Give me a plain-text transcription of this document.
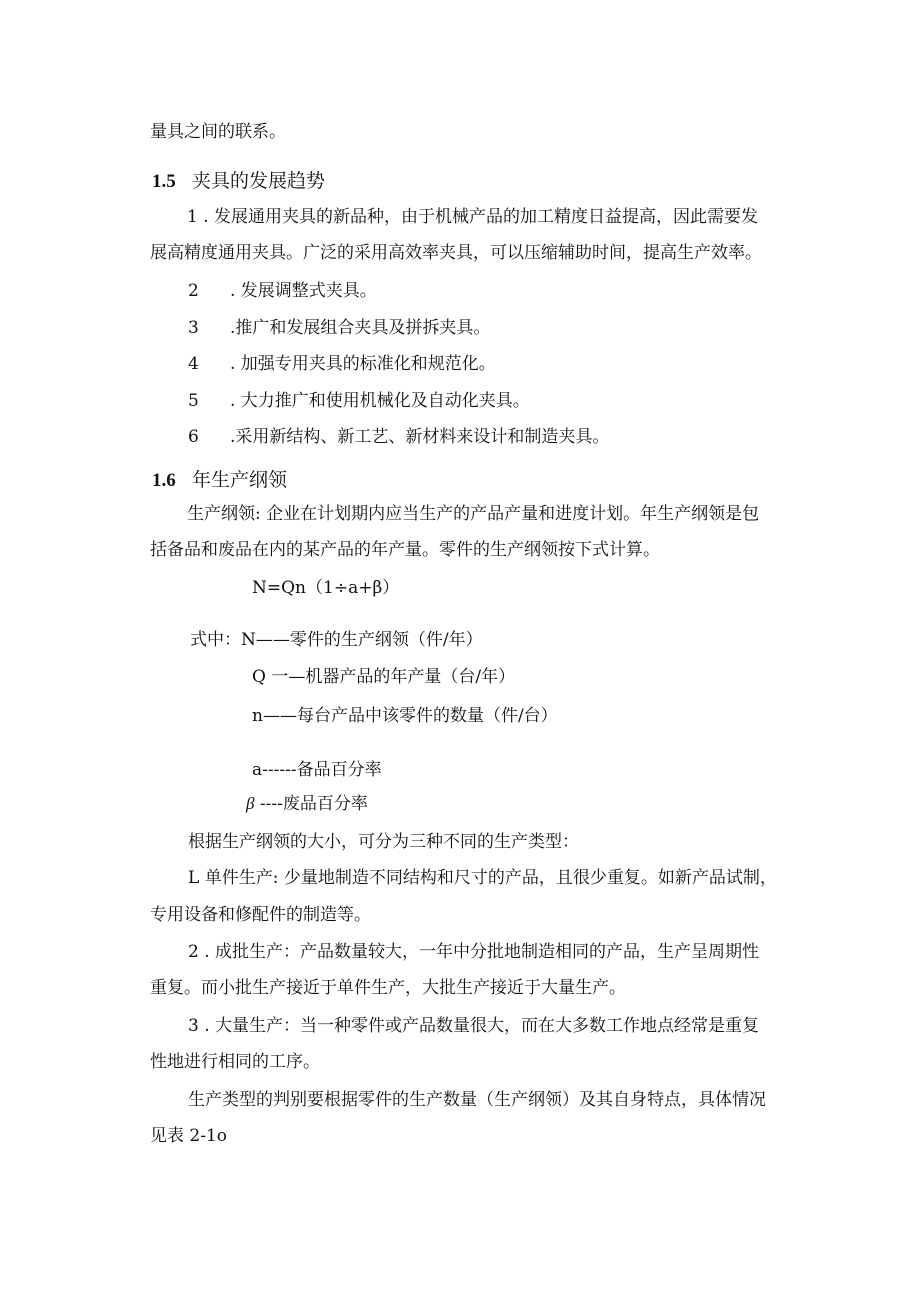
量具之间的联系。

1.5 夹具的发展趋势

1 . 发展通用夹具的新品种，由于机械产品的加工精度日益提高，因此需要发

展高精度通用夹具。广泛的采用高效率夹具，可以压缩辅助时间，提高生产效率。

2 . 发展调整式夹具。
3 .推广和发展组合夹具及拼拆夹具。
4 . 加强专用夹具的标准化和规范化。
5 . 大力推广和使用机械化及自动化夹具。
6 .采用新结构、新工艺、新材料来设计和制造夹具。
1.6 年生产纲领

生产纲领: 企业在计划期内应当生产的产品产量和进度计划。年生产纲领是包

括备品和废品在内的某产品的年产量。零件的生产纲领按下式计算。

N=Qn（1÷a+β）

式中：N——零件的生产纲领（件/年）

Q 一—机器产品的年产量（台/年）

n——每台产品中该零件的数量（件/台）

a------备品百分率

β ----废品百分率

根据生产纲领的大小，可分为三种不同的生产类型：

L 单件生产: 少量地制造不同结构和尺寸的产品，且很少重复。如新产品试制，

专用设备和修配件的制造等。

2 . 成批生产：产品数量较大，一年中分批地制造相同的产品，生产呈周期性

重复。而小批生产接近于单件生产，大批生产接近于大量生产。

3 . 大量生产：当一种零件或产品数量很大，而在大多数工作地点经常是重复

性地进行相同的工序。

生产类型的判别要根据零件的生产数量（生产纲领）及其自身特点，具体情况

见表 2-1o
